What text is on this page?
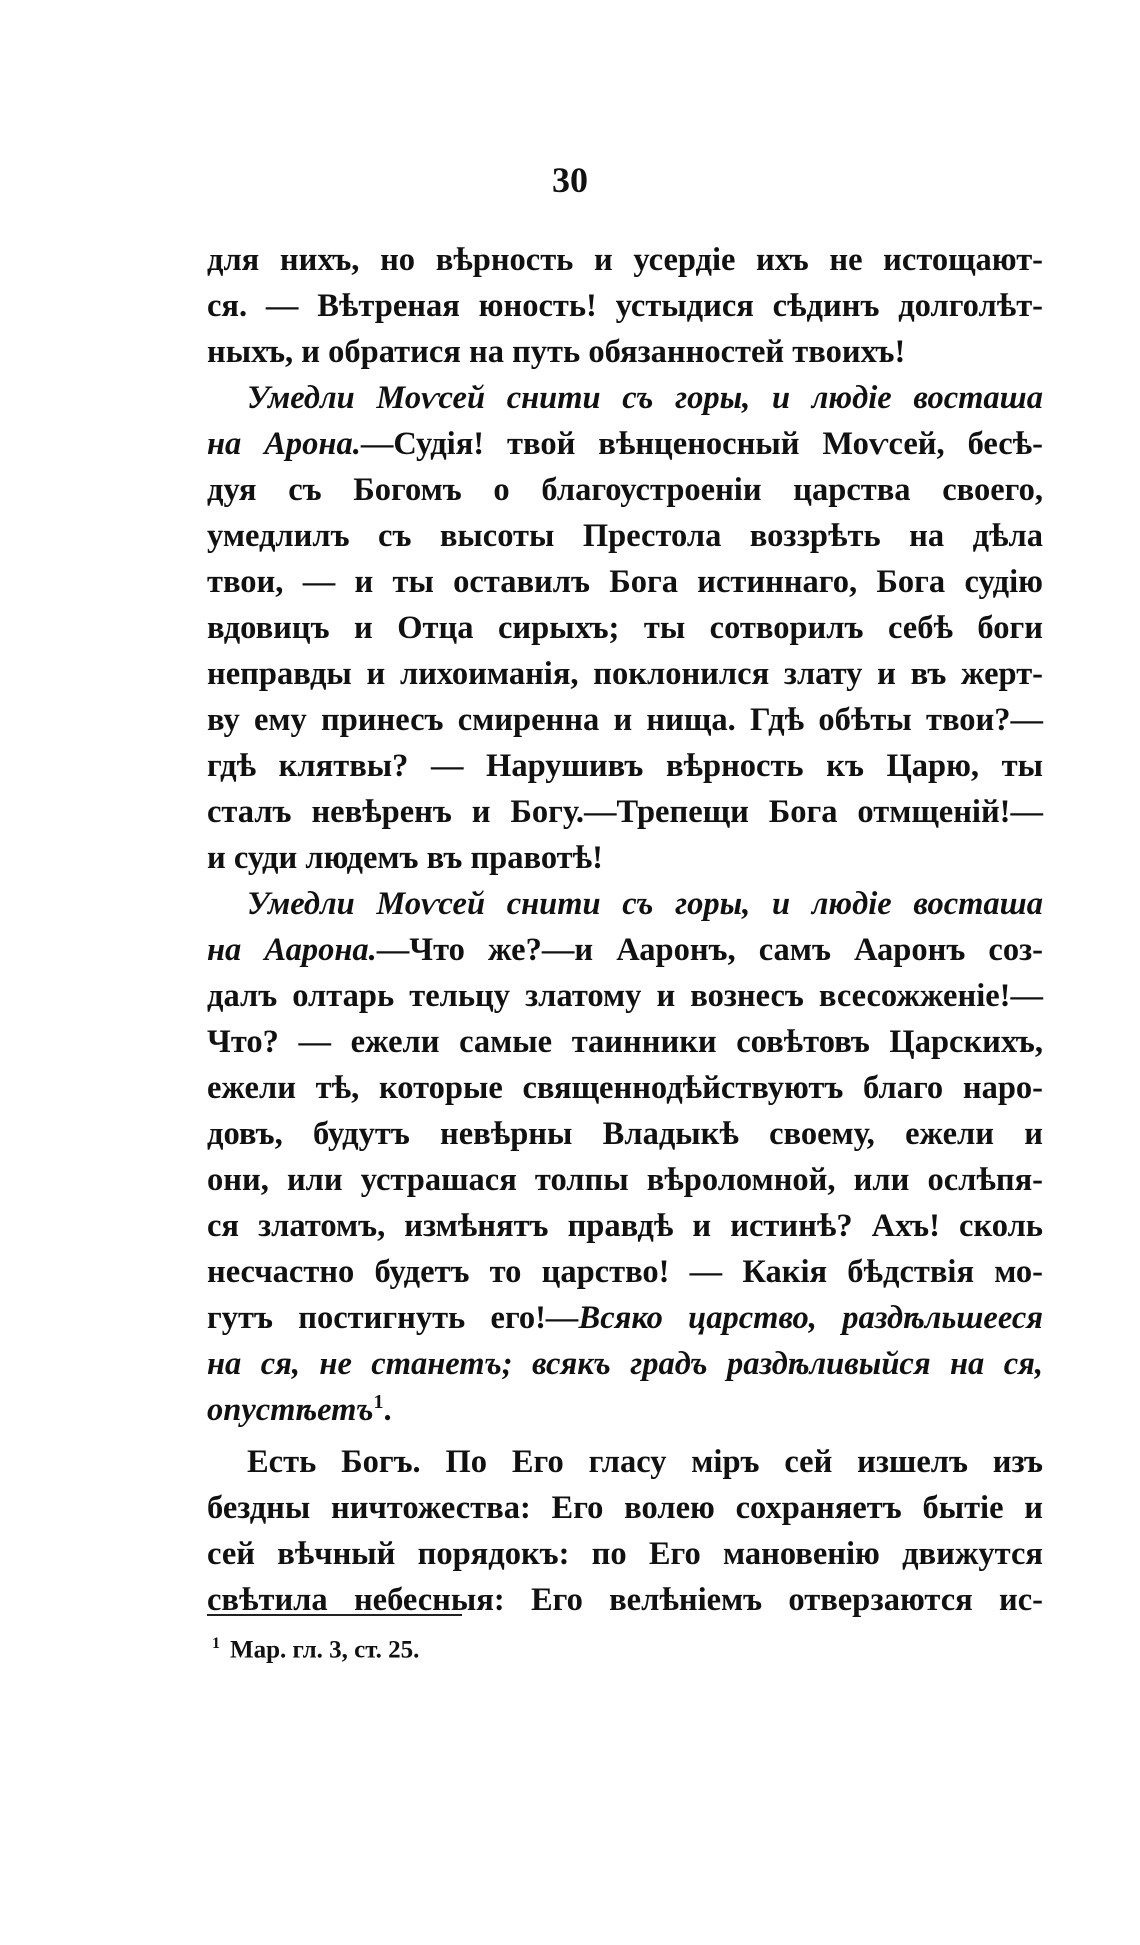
30
для нихъ, но вѣрность и усердіе ихъ не истощают-
ся. — Вѣтреная юность! устыдися сѣдинъ долголѣт-
ныхъ, и обратися на путь обязанностей твоихъ!
Умедли Моѵсей снити съ горы, и людіе восташа
на Арона.—Судія! твой вѣнценосный Моѵсей, бесѣ-
дуя съ Богомъ о благоустроеніи царства своего,
умедлилъ съ высоты Престола воззрѣть на дѣла
твои, — и ты оставилъ Бога истиннаго, Бога судію
вдовицъ и Отца сирыхъ; ты сотворилъ себѣ боги
неправды и лихоиманія, поклонился злату и въ жерт-
ву ему принесъ смиренна и нища. Гдѣ обѣты твои?—
гдѣ клятвы? — Нарушивъ вѣрность къ Царю, ты
сталъ невѣренъ и Богу.—Трепещи Бога отмщеній!—
и суди людемъ въ правотѣ!
Умедли Моѵсей снити съ горы, и людіе восташа
на Аарона.—Что же?—и Ааронъ, самъ Ааронъ соз-
далъ олтарь тельцу златому и вознесъ всесожженіе!—
Что? — ежели самые таинники совѣтовъ Царскихъ,
ежели тѣ, которые священнодѣйствуютъ благо наро-
довъ, будутъ невѣрны Владыкѣ своему, ежели и
они, или устрашася толпы вѣроломной, или ослѣпя-
ся златомъ, измѣнятъ правдѣ и истинѣ? Ахъ! сколь
несчастно будетъ то царство! — Какія бѣдствія мо-
гутъ постигнуть его!—Всяко царство, раздѣльшееся
на ся, не станетъ; всякъ градъ раздѣливыйся на ся,
опустѣетъ$^1$.
Есть Богъ. По Его гласу міръ сей изшелъ изъ
бездны ничтожества: Его волею сохраняетъ бытіе и
сей вѣчный порядокъ: по Его мановенію движутся
свѣтила небесныя: Его велѣніемъ отверзаются ис-
$^1$ Мар. гл. 3, ст. 25.
